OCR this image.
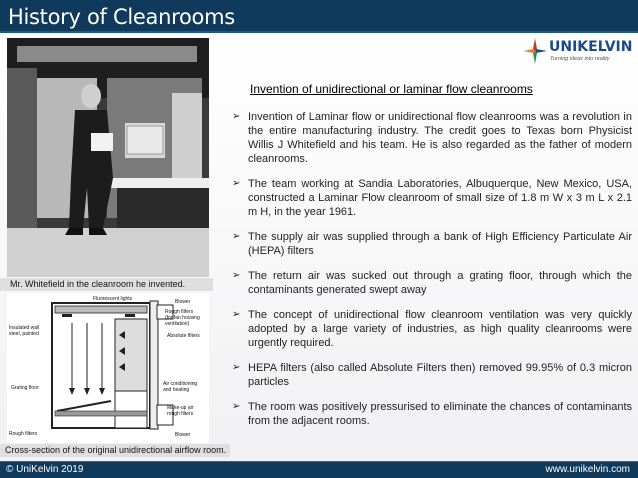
History of Cleanrooms
Mr. Whitefield in the cleanroom he invented.
Fluorescent lights	Blower
Rough filters
(for fan housing
ventilation)
Absolute filters
Insulated wall
steel, painted
Grating floor
Air conditioning
and heating
Make-up air
rough filters
Rough filters	Blower
Cross-section of the original unidirectional airflow room.
UNIKELVIN
Turning ideas into reality
Invention of unidirectional or laminar flow cleanrooms
➢ Invention of Laminar flow or unidirectional flow cleanrooms was a revolution in the entire manufacturing industry. The credit goes to Texas born Physicist Willis J Whitefield and his team. He is also regarded as the father of modern cleanrooms.
➢ The team working at Sandia Laboratories, Albuquerque, New Mexico, USA, constructed a Laminar Flow cleanroom of small size of 1.8 m W x 3 m L x 2.1 m H, in the year 1961.
➢ The supply air was supplied through a bank of High Efficiency Particulate Air (HEPA) filters
➢ The return air was sucked out through a grating floor, through which the contaminants generated swept away
➢ The concept of unidirectional flow cleanroom ventilation was very quickly adopted by a large variety of industries, as high quality cleanrooms were urgently required.
➢ HEPA filters (also called Absolute Filters then) removed 99.95% of 0.3 micron particles
➢ The room was positively pressurised to eliminate the chances of contaminants from the adjacent rooms.
© UniKelvin 2019	www.unikelvin.com
